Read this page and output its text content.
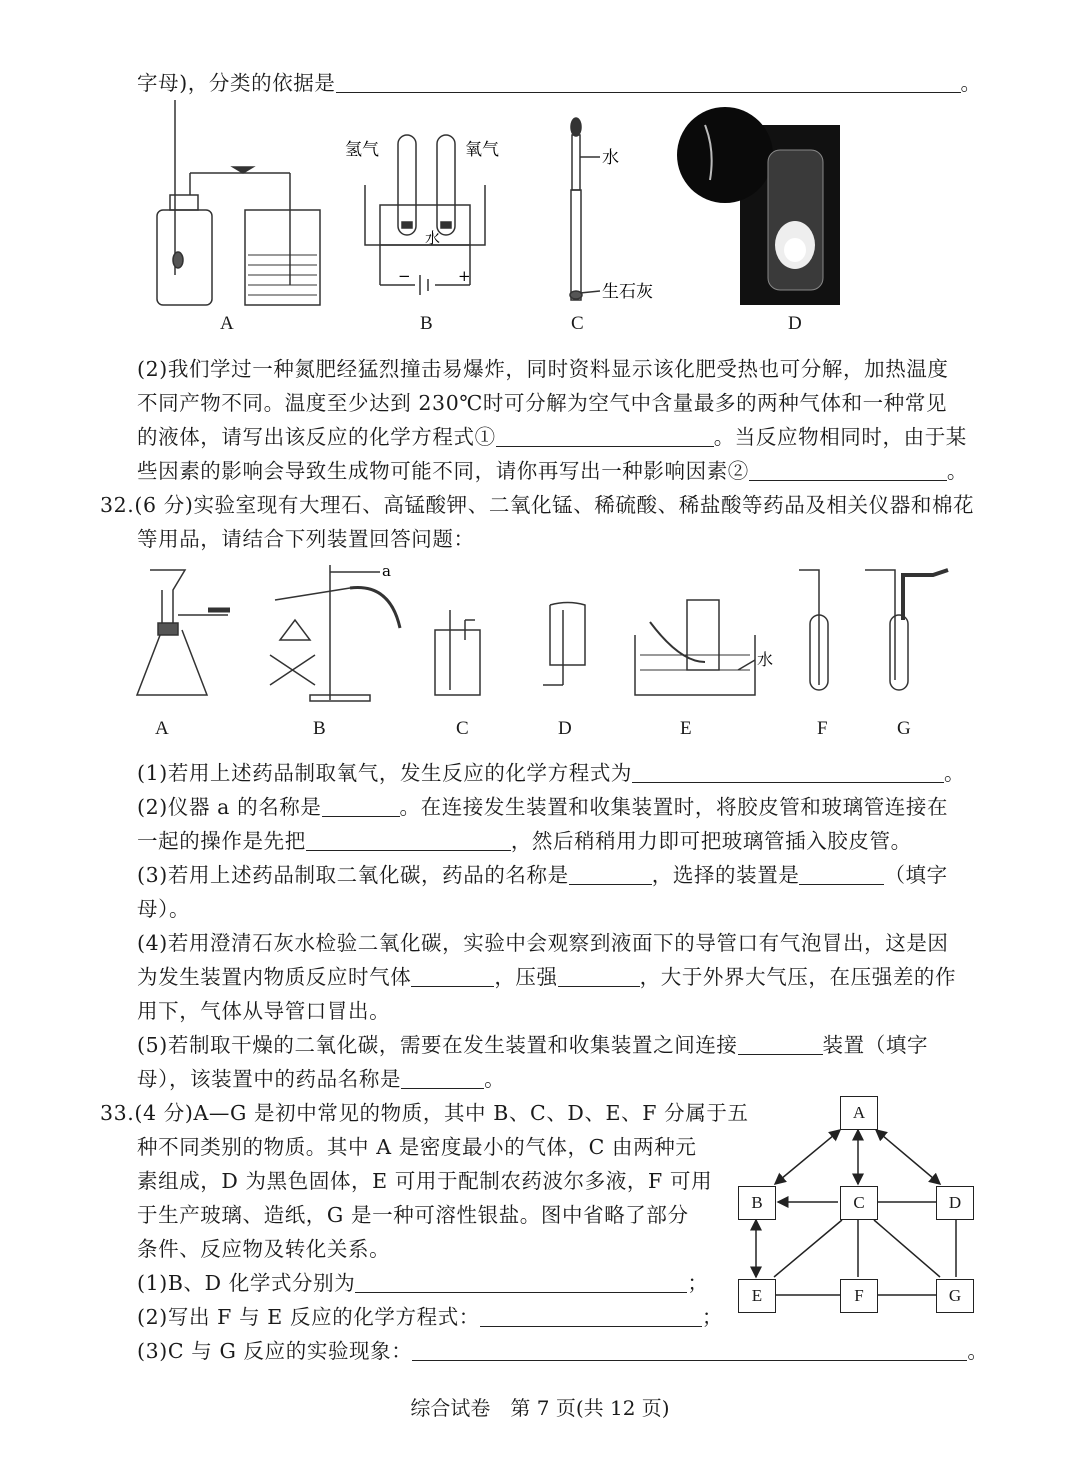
字母)，分类的依据是	。
氢气	氧气
水
−	+
水
生石灰
A	B	C	D
(2)我们学过一种氮肥经猛烈撞击易爆炸，同时资料显示该化肥受热也可分解，加热温度
不同产物不同。温度至少达到 230℃时可分解为空气中含量最多的两种气体和一种常见
的液体，请写出该反应的化学方程式①	。当反应物相同时，由于某
些因素的影响会导致生成物可能不同，请你再写出一种影响因素②	。
32.(6 分)实验室现有大理石、高锰酸钾、二氧化锰、稀硫酸、稀盐酸等药品及相关仪器和棉花
等用品，请结合下列装置回答问题：
a
水
A	B	C	D	E	F	G
(1)若用上述药品制取氧气，发生反应的化学方程式为	。
(2)仪器 a 的名称是	。在连接发生装置和收集装置时，将胶皮管和玻璃管连接在
一起的操作是先把	，然后稍稍用力即可把玻璃管插入胶皮管。
(3)若用上述药品制取二氧化碳，药品的名称是	，选择的装置是	（填字
母）。
(4)若用澄清石灰水检验二氧化碳，实验中会观察到液面下的导管口有气泡冒出，这是因
为发生装置内物质反应时气体	，压强	，大于外界大气压，在压强差的作
用下，气体从导管口冒出。
(5)若制取干燥的二氧化碳，需要在发生装置和收集装置之间连接	装置（填字
母），该装置中的药品名称是	。
33.(4 分)A—G 是初中常见的物质，其中 B、C、D、E、F 分属于五
种不同类别的物质。其中 A 是密度最小的气体，C 由两种元
素组成，D 为黑色固体，E 可用于配制农药波尔多液，F 可用
于生产玻璃、造纸，G 是一种可溶性银盐。图中省略了部分
条件、反应物及转化关系。
(1)B、D 化学式分别为	；
(2)写出 F 与 E 反应的化学方程式：	；
(3)C 与 G 反应的实验现象：	。
A
B	C	D
E	F	G
综合试卷　第 7 页(共 12 页)
